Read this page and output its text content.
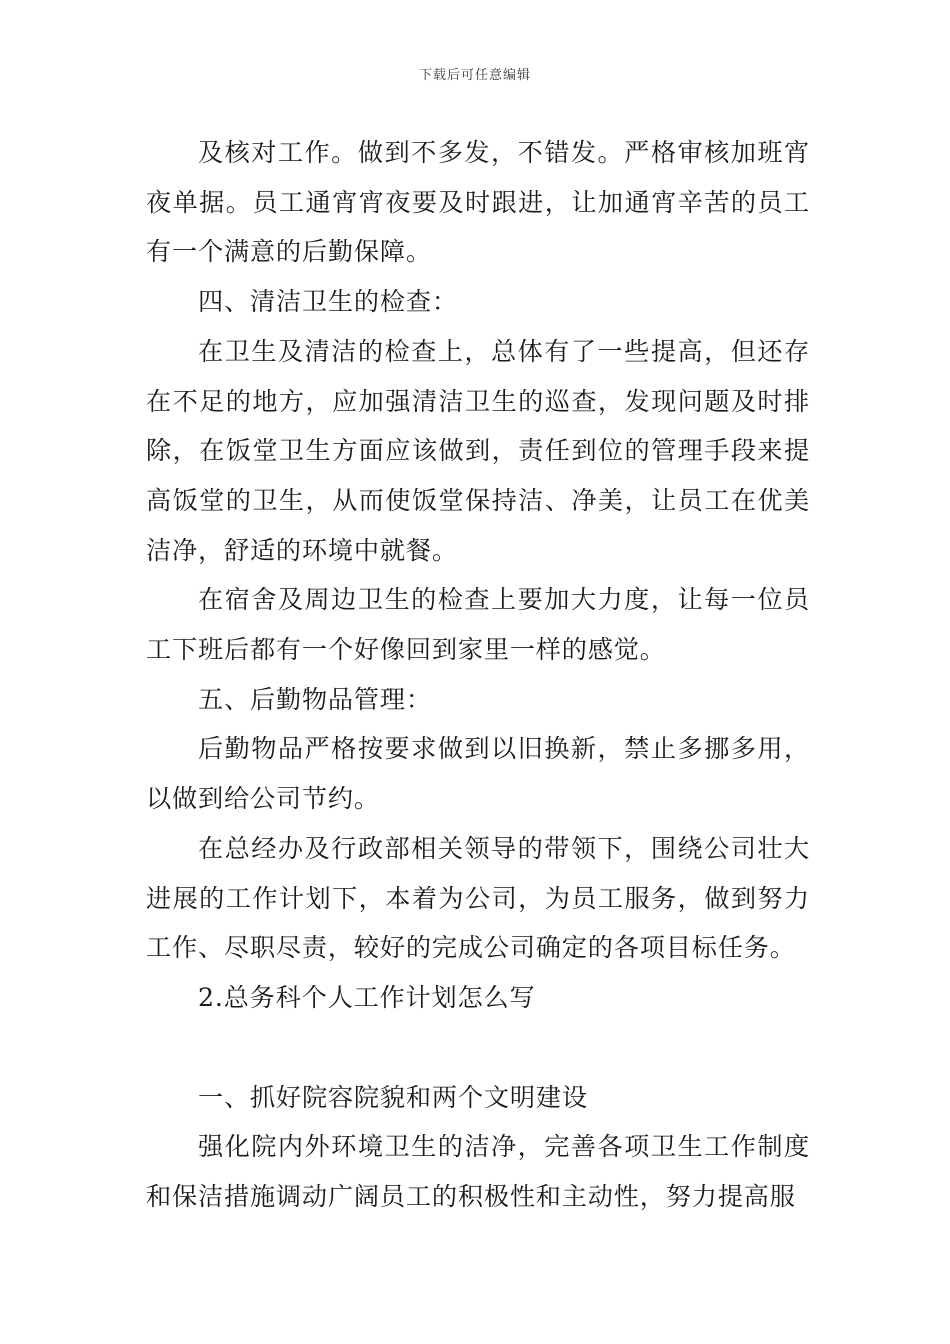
下载后可任意编辑

及核对工作。做到不多发，不错发。严格审核加班宵夜单据。员工通宵宵夜要及时跟进，让加通宵辛苦的员工有一个满意的后勤保障。

四、清洁卫生的检查：

在卫生及清洁的检查上，总体有了一些提高，但还存在不足的地方，应加强清洁卫生的巡查，发现问题及时排除，在饭堂卫生方面应该做到，责任到位的管理手段来提高饭堂的卫生，从而使饭堂保持洁、净美，让员工在优美洁净，舒适的环境中就餐。

在宿舍及周边卫生的检查上要加大力度，让每一位员工下班后都有一个好像回到家里一样的感觉。

五、后勤物品管理：

后勤物品严格按要求做到以旧换新，禁止多挪多用，以做到给公司节约。

在总经办及行政部相关领导的带领下，围绕公司壮大进展的工作计划下，本着为公司，为员工服务，做到努力工作、尽职尽责，较好的完成公司确定的各项目标任务。

2.总务科个人工作计划怎么写

一、抓好院容院貌和两个文明建设

强化院内外环境卫生的洁净，完善各项卫生工作制度和保洁措施调动广阔员工的积极性和主动性，努力提高服
